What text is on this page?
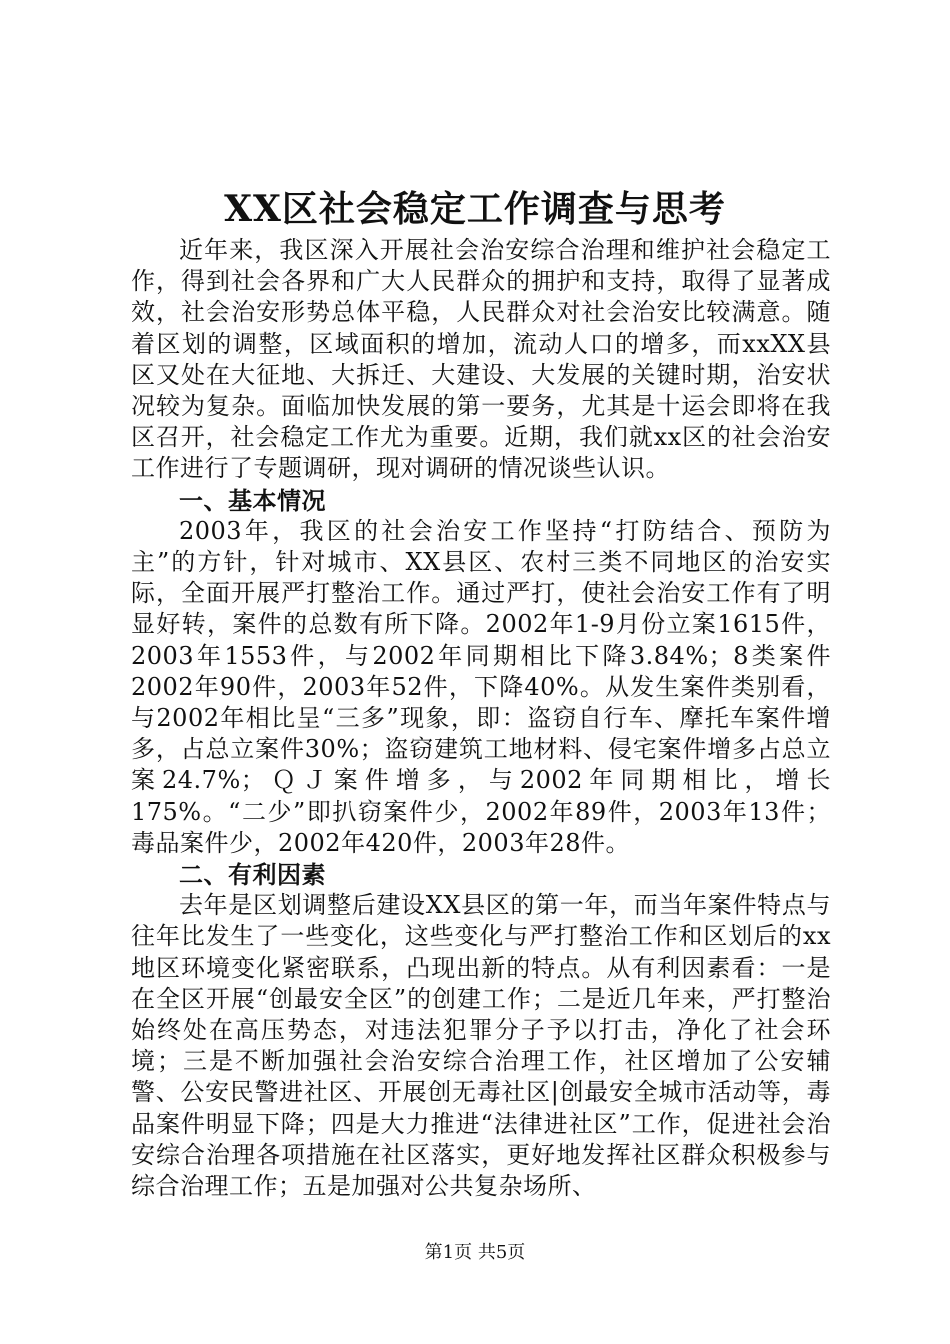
XX区社会稳定工作调查与思考

近年来，我区深入开展社会治安综合治理和维护社会稳定工作，得到社会各界和广大人民群众的拥护和支持，取得了显著成效，社会治安形势总体平稳，人民群众对社会治安比较满意。随着区划的调整，区域面积的增加，流动人口的增多，而xxXX县区又处在大征地、大拆迁、大建设、大发展的关键时期，治安状况较为复杂。面临加快发展的第一要务，尤其是十运会即将在我区召开，社会稳定工作尤为重要。近期，我们就xx区的社会治安工作进行了专题调研，现对调研的情况谈些认识。

一、基本情况

2003年，我区的社会治安工作坚持“打防结合、预防为主”的方针，针对城市、XX县区、农村三类不同地区的治安实际，全面开展严打整治工作。通过严打，使社会治安工作有了明显好转，案件的总数有所下降。2002年1-9月份立案1615件，2003年1553件，与2002年同期相比下降3.84%；8类案件2002年90件，2003年52件，下降40%。从发生案件类别看，与2002年相比呈“三多”现象，即：盗窃自行车、摩托车案件增多，占总立案件30%；盗窃建筑工地材料、侵宅案件增多占总立案24.7%；ＱＪ案件增多，与2002年同期相比，增长175%。“二少”即扒窃案件少，2002年89件，2003年13件；毒品案件少，2002年420件，2003年28件。

二、有利因素

去年是区划调整后建设XX县区的第一年，而当年案件特点与往年比发生了一些变化，这些变化与严打整治工作和区划后的xx地区环境变化紧密联系，凸现出新的特点。从有利因素看：一是在全区开展“创最安全区”的创建工作；二是近几年来，严打整治始终处在高压势态，对违法犯罪分子予以打击，净化了社会环境；三是不断加强社会治安综合治理工作，社区增加了公安辅警、公安民警进社区、开展创无毒社区|创最安全城市活动等，毒品案件明显下降；四是大力推进“法律进社区”工作，促进社会治安综合治理各项措施在社区落实，更好地发挥社区群众积极参与综合治理工作；五是加强对公共复杂场所、

第1页 共5页
